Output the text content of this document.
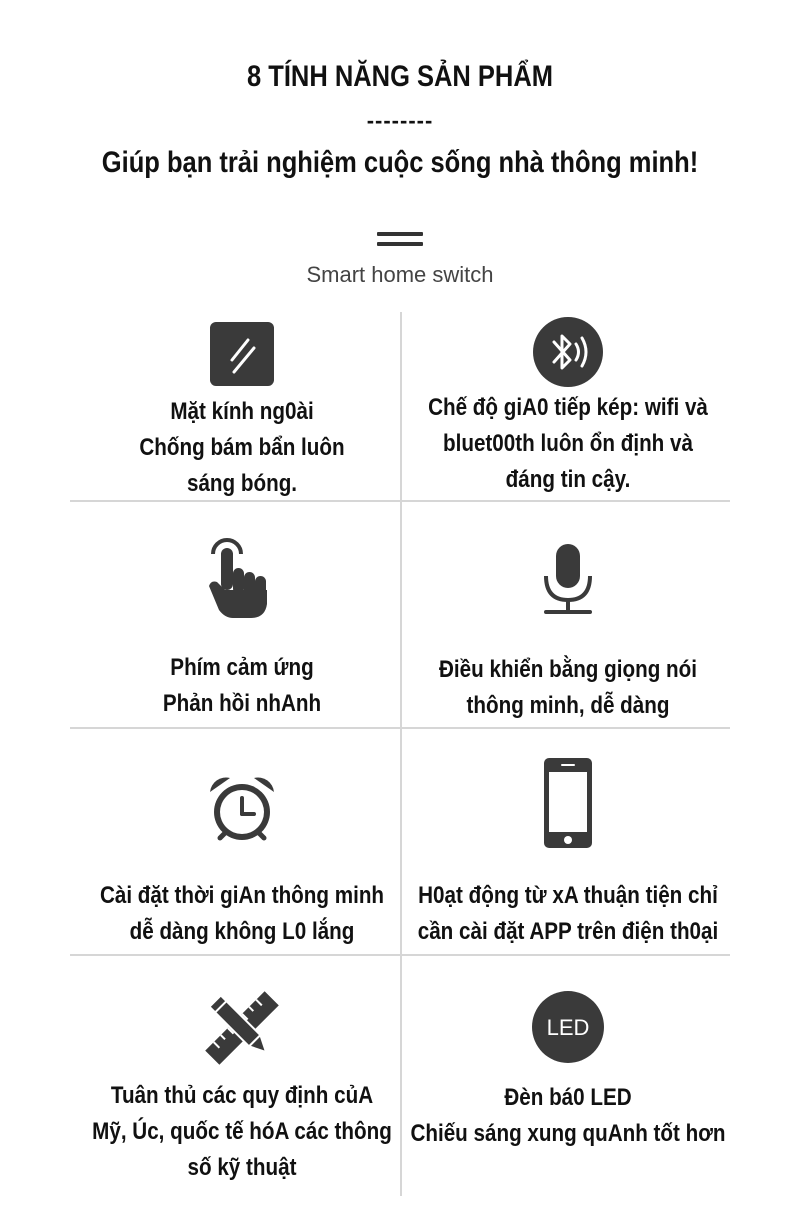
8 TÍNH NĂNG SẢN PHẨM
--------
Giúp bạn trải nghiệm cuộc sống nhà thông minh!
Smart home switch
Mặt kính ng0ài
Chống bám bẩn luôn
sáng bóng.
Chế độ giA0 tiếp kép: wifi và
bluet00th luôn ổn định và
đáng tin cậy.
Phím cảm ứng
Phản hồi nhAnh
Điều khiển bằng giọng nói
thông minh, dễ dàng
Cài đặt thời giAn thông minh
dễ dàng không L0 lắng
H0ạt động từ xA thuận tiện chỉ
cần cài đặt APP trên điện th0ại
Tuân thủ các quy định củA
Mỹ, Úc, quốc tế hóA các thông
số kỹ thuật
LED
Đèn bá0 LED
Chiếu sáng xung quAnh tốt hơn
